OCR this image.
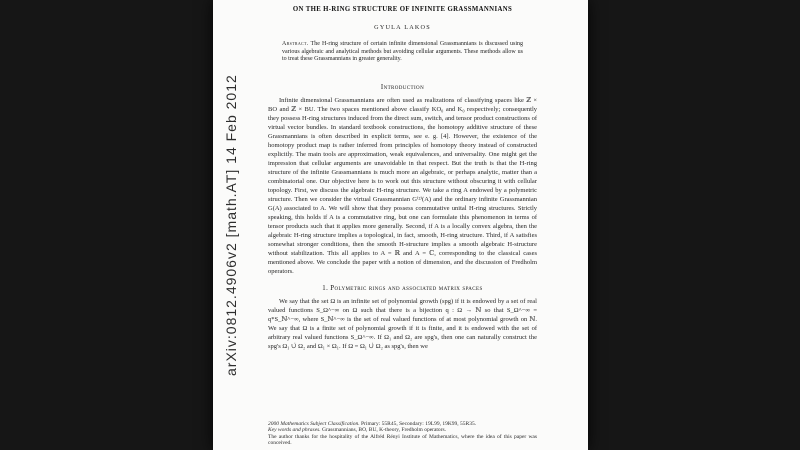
ON THE H-RING STRUCTURE OF INFINITE GRASSMANNIANS
GYULA LAKOS

Abstract. The H-ring structure of certain infinite dimensional Grassmannians is discussed using various algebraic and analytical methods but avoiding cellular arguments. These methods allow us to treat these Grassmannians in greater generality.

Introduction

Infinite dimensional Grassmannians are often used as realizations of classifying spaces like ℤ × BO and ℤ × BU. The two spaces mentioned above classify KO₀ and K₀ respectively; consequently they possess H-ring structures induced from the direct sum, switch, and tensor product constructions of virtual vector bundles. In standard textbook constructions, the homotopy additive structure of these Grassmannians is often described in explicit terms, see e. g. [4]. However, the existence of the homotopy product map is rather inferred from principles of homotopy theory instead of constructed explicitly. The main tools are approximation, weak equivalences, and universality. One might get the impression that cellular arguments are unavoidable in that respect. But the truth is that the H-ring structure of the infinite Grassmannians is much more an algebraic, or perhaps analytic, matter than a combinatorial one. Our objective here is to work out this structure without obscuring it with cellular topology. First, we discuss the algebraic H-ring structure. We take a ring A endowed by a polymetric structure. Then we consider the virtual Grassmannian G⁽²⁾(A) and the ordinary infinite Grassmannian G(A) associated to A. We will show that they possess commutative unital H-ring structures. Strictly speaking, this holds if A is a commutative ring, but one can formulate this phenomenon in terms of tensor products such that it applies more generally. Second, if A is a locally convex algebra, then the algebraic H-ring structure implies a topological, in fact, smooth, H-ring structure. Third, if A satisfies somewhat stronger conditions, then the smooth H-structure implies a smooth algebraic H-structure without stabilization. This all applies to A = ℝ and A = ℂ, corresponding to the classical cases mentioned above. We conclude the paper with a notion of dimension, and the discussion of Fredholm operators.

1. Polymetric rings and associated matrix spaces

We say that the set Ω is an infinite set of polynomial growth (spg) if it is endowed by a set of real valued functions S_Ω^−∞ on Ω such that there is a bijection q : Ω → ℕ so that S_Ω^−∞ = q*S_ℕ^−∞, where S_ℕ^−∞ is the set of real valued functions of at most polynomial growth on ℕ. We say that Ω is a finite set of polynomial growth if it is finite, and it is endowed with the set of arbitrary real valued functions S_Ω^−∞. If Ω₁ and Ω₂ are spg's, then one can naturally construct the spg's Ω₁ ∪̇ Ω₂ and Ω₁ × Ω₁. If Ω = Ω₁ ∪̇ Ω₂ as spg's, then we

2000 Mathematics Subject Classification. Primary: 55R45, Secondary: 19L99, 19K99, 55R35.

Key words and phrases. Grassmannians, BO, BU, K-theory, Fredholm operators.

The author thanks for the hospitality of the Alfréd Rényi Institute of Mathematics, where the idea of this paper was conceived.

arXiv:0812.4906v2 [math.AT] 14 Feb 2012
